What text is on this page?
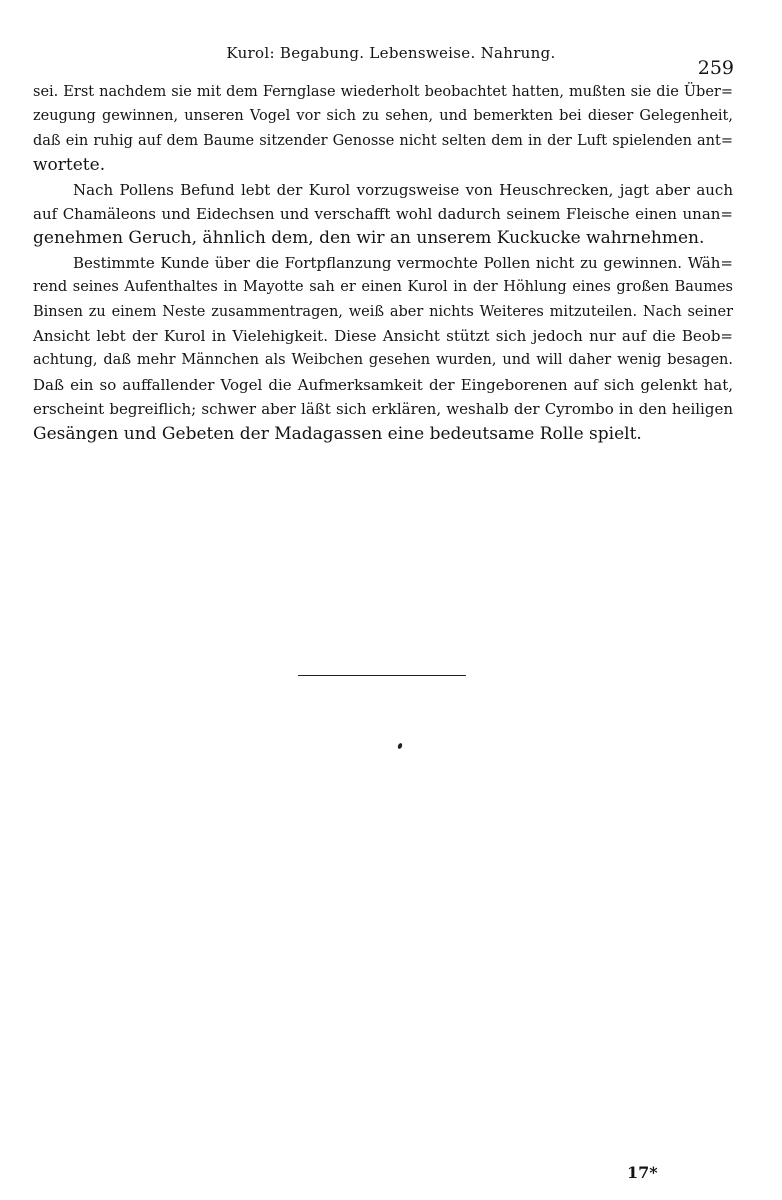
Kurol: Begabung. Lebensweise. Nahrung.
259
sei. Erst nachdem sie mit dem Fernglase wiederholt beobachtet hatten, mußten sie die Über=
zeugung gewinnen, unseren Vogel vor sich zu sehen, und bemerkten bei dieser Gelegenheit,
daß ein ruhig auf dem Baume sitzender Genosse nicht selten dem in der Luft spielenden ant=
wortete.
Nach Pollens Befund lebt der Kurol vorzugsweise von Heuschrecken, jagt aber auch
auf Chamäleons und Eidechsen und verschafft wohl dadurch seinem Fleische einen unan=
genehmen Geruch, ähnlich dem, den wir an unserem Kuckucke wahrnehmen.
Bestimmte Kunde über die Fortpflanzung vermochte Pollen nicht zu gewinnen. Wäh=
rend seines Aufenthaltes in Mayotte sah er einen Kurol in der Höhlung eines großen Baumes
Binsen zu einem Neste zusammentragen, weiß aber nichts Weiteres mitzuteilen. Nach seiner
Ansicht lebt der Kurol in Vielehigkeit. Diese Ansicht stützt sich jedoch nur auf die Beob=
achtung, daß mehr Männchen als Weibchen gesehen wurden, und will daher wenig besagen.
Daß ein so auffallender Vogel die Aufmerksamkeit der Eingeborenen auf sich gelenkt hat,
erscheint begreiflich; schwer aber läßt sich erklären, weshalb der Cyrombo in den heiligen
Gesängen und Gebeten der Madagassen eine bedeutsame Rolle spielt.
17*
